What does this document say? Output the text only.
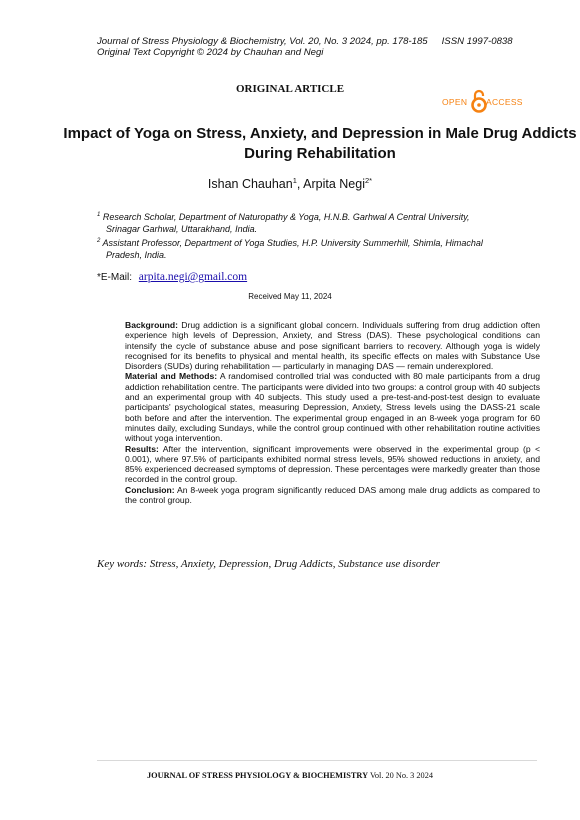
Journal of Stress Physiology & Biochemistry, Vol. 20, No. 3 2024, pp. 178-185 ISSN 1997-0838
Original Text Copyright © 2024 by Chauhan and Negi
ORIGINAL ARTICLE
OPEN ACCESS
Impact of Yoga on Stress, Anxiety, and Depression in Male Drug Addicts During Rehabilitation
Ishan Chauhan$^1$, Arpita Negi$^{2*}$
$^1$ Research Scholar, Department of Naturopathy & Yoga, H.N.B. Garhwal A Central University,
Srinagar Garhwal, Uttarakhand, India.
$^2$ Assistant Professor, Department of Yoga Studies, H.P. University Summerhill, Shimla, Himachal
Pradesh, India.
*E-Mail: arpita.negi@gmail.com
Received May 11, 2024

Background: Drug addiction is a significant global concern. Individuals suffering from drug addiction often experience high levels of Depression, Anxiety, and Stress (DAS). These psychological conditions can intensify the cycle of substance abuse and pose significant barriers to recovery. Although yoga is widely recognised for its benefits to physical and mental health, its specific effects on males with Substance Use Disorders (SUDs) during rehabilitation — particularly in managing DAS — remain underexplored.

Material and Methods: A randomised controlled trial was conducted with 80 male participants from a drug addiction rehabilitation centre. The participants were divided into two groups: a control group with 40 subjects and an experimental group with 40 subjects. This study used a pre-test-and-post-test design to evaluate participants' psychological states, measuring Depression, Anxiety, Stress levels using the DASS-21 scale both before and after the intervention. The experimental group engaged in an 8-week yoga program for 60 minutes daily, excluding Sundays, while the control group continued with other rehabilitation routine activities without yoga intervention.

Results: After the intervention, significant improvements were observed in the experimental group (p < 0.001), where 97.5% of participants exhibited normal stress levels, 95% showed reductions in anxiety, and 85% experienced decreased symptoms of depression. These percentages were markedly greater than those recorded in the control group.

Conclusion: An 8-week yoga program significantly reduced DAS among male drug addicts as compared to the control group.

Key words: Stress, Anxiety, Depression, Drug Addicts, Substance use disorder
JOURNAL OF STRESS PHYSIOLOGY & BIOCHEMISTRY Vol. 20 No. 3 2024
